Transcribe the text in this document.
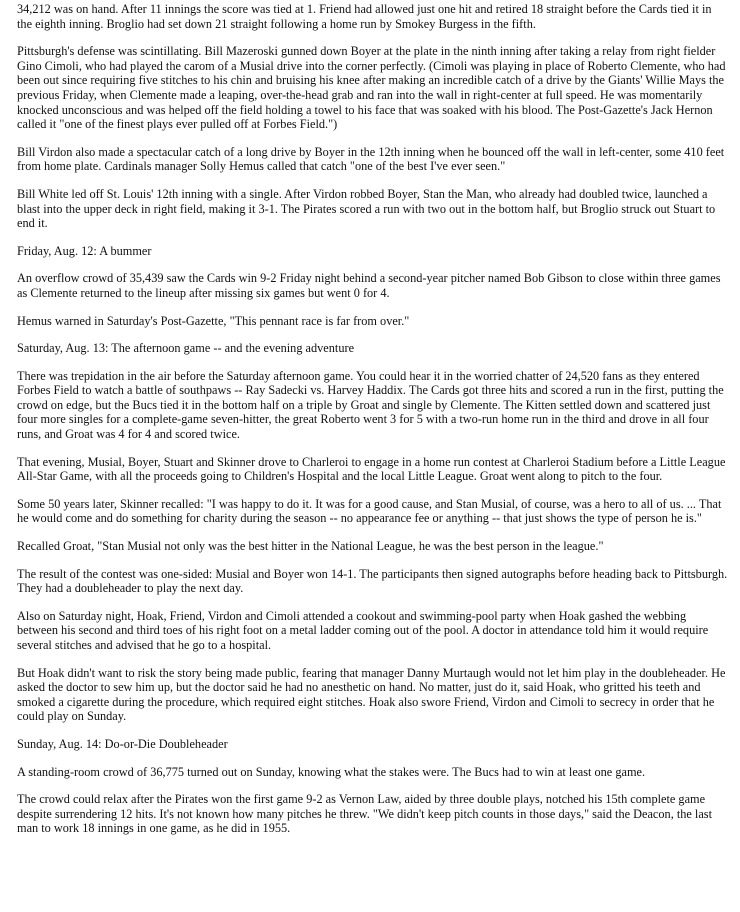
34,212 was on hand. After 11 innings the score was tied at 1. Friend had allowed just one hit and retired 18 straight before the Cards tied it in the eighth inning. Broglio had set down 21 straight following a home run by Smokey Burgess in the fifth.

Pittsburgh's defense was scintillating. Bill Mazeroski gunned down Boyer at the plate in the ninth inning after taking a relay from right fielder Gino Cimoli, who had played the carom of a Musial drive into the corner perfectly. (Cimoli was playing in place of Roberto Clemente, who had been out since requiring five stitches to his chin and bruising his knee after making an incredible catch of a drive by the Giants' Willie Mays the previous Friday, when Clemente made a leaping, over-the-head grab and ran into the wall in right-center at full speed. He was momentarily knocked unconscious and was helped off the field holding a towel to his face that was soaked with his blood. The Post-Gazette's Jack Hernon called it "one of the finest plays ever pulled off at Forbes Field.")

Bill Virdon also made a spectacular catch of a long drive by Boyer in the 12th inning when he bounced off the wall in left-center, some 410 feet from home plate. Cardinals manager Solly Hemus called that catch "one of the best I've ever seen."

Bill White led off St. Louis' 12th inning with a single. After Virdon robbed Boyer, Stan the Man, who already had doubled twice, launched a blast into the upper deck in right field, making it 3-1. The Pirates scored a run with two out in the bottom half, but Broglio struck out Stuart to end it.

Friday, Aug. 12: A bummer

An overflow crowd of 35,439 saw the Cards win 9-2 Friday night behind a second-year pitcher named Bob Gibson to close within three games as Clemente returned to the lineup after missing six games but went 0 for 4.

Hemus warned in Saturday's Post-Gazette, "This pennant race is far from over."

Saturday, Aug. 13: The afternoon game -- and the evening adventure

There was trepidation in the air before the Saturday afternoon game. You could hear it in the worried chatter of 24,520 fans as they entered Forbes Field to watch a battle of southpaws -- Ray Sadecki vs. Harvey Haddix. The Cards got three hits and scored a run in the first, putting the crowd on edge, but the Bucs tied it in the bottom half on a triple by Groat and single by Clemente. The Kitten settled down and scattered just four more singles for a complete-game seven-hitter, the great Roberto went 3 for 5 with a two-run home run in the third and drove in all four runs, and Groat was 4 for 4 and scored twice.

That evening, Musial, Boyer, Stuart and Skinner drove to Charleroi to engage in a home run contest at Charleroi Stadium before a Little League All-Star Game, with all the proceeds going to Children's Hospital and the local Little League. Groat went along to pitch to the four.

Some 50 years later, Skinner recalled: "I was happy to do it. It was for a good cause, and Stan Musial, of course, was a hero to all of us. ... That he would come and do something for charity during the season -- no appearance fee or anything -- that just shows the type of person he is."

Recalled Groat, "Stan Musial not only was the best hitter in the National League, he was the best person in the league."

The result of the contest was one-sided: Musial and Boyer won 14-1. The participants then signed autographs before heading back to Pittsburgh. They had a doubleheader to play the next day.

Also on Saturday night, Hoak, Friend, Virdon and Cimoli attended a cookout and swimming-pool party when Hoak gashed the webbing between his second and third toes of his right foot on a metal ladder coming out of the pool. A doctor in attendance told him it would require several stitches and advised that he go to a hospital.

But Hoak didn't want to risk the story being made public, fearing that manager Danny Murtaugh would not let him play in the doubleheader. He asked the doctor to sew him up, but the doctor said he had no anesthetic on hand. No matter, just do it, said Hoak, who gritted his teeth and smoked a cigarette during the procedure, which required eight stitches. Hoak also swore Friend, Virdon and Cimoli to secrecy in order that he could play on Sunday.

Sunday, Aug. 14: Do-or-Die Doubleheader

A standing-room crowd of 36,775 turned out on Sunday, knowing what the stakes were. The Bucs had to win at least one game.

The crowd could relax after the Pirates won the first game 9-2 as Vernon Law, aided by three double plays, notched his 15th complete game despite surrendering 12 hits. It's not known how many pitches he threw. "We didn't keep pitch counts in those days," said the Deacon, the last man to work 18 innings in one game, as he did in 1955.
